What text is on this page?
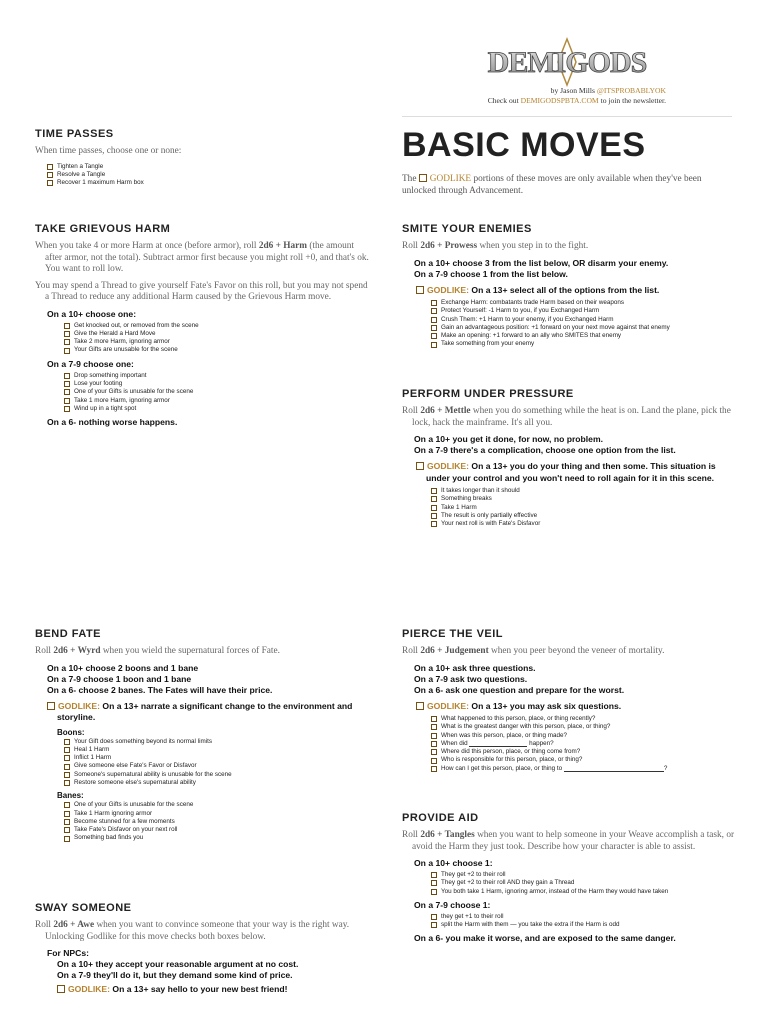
DEMIGODS
by Jason Mills @ITSPROBABLYOK
Check out DEMIGODSPBTA.COM to join the newsletter.
BASIC MOVES
The GODLIKE portions of these moves are only available when they've been unlocked through Advancement.
TIME PASSES
When time passes, choose one or none:
Tighten a Tangle
Resolve a Tangle
Recover 1 maximum Harm box
TAKE GRIEVOUS HARM
When you take 4 or more Harm at once (before armor), roll 2d6 + Harm (the amount after armor, not the total). Subtract armor first because you might roll +0, and that's ok. You want to roll low.
You may spend a Thread to give yourself Fate's Favor on this roll, but you may not spend a Thread to reduce any additional Harm caused by the Grievous Harm move.
On a 10+ choose one:
Get knocked out, or removed from the scene
Give the Herald a Hard Move
Take 2 more Harm, ignoring armor
Your Gifts are unusable for the scene
On a 7-9 choose one:
Drop something important
Lose your footing
One of your Gifts is unusable for the scene
Take 1 more Harm, ignoring armor
Wind up in a tight spot
On a 6- nothing worse happens.
SMITE YOUR ENEMIES
Roll 2d6 + Prowess when you step in to the fight.
On a 10+ choose 3 from the list below, OR disarm your enemy.
On a 7-9 choose 1 from the list below.
GODLIKE: On a 13+ select all of the options from the list.
Exchange Harm: combatants trade Harm based on their weapons
Protect Yourself: -1 Harm to you, if you Exchanged Harm
Crush Them: +1 Harm to your enemy, if you Exchanged Harm
Gain an advantageous position: +1 forward on your next move against that enemy
Make an opening: +1 forward to an ally who SMITES that enemy
Take something from your enemy
PERFORM UNDER PRESSURE
Roll 2d6 + Mettle when you do something while the heat is on. Land the plane, pick the lock, hack the mainframe. It's all you.
On a 10+ you get it done, for now, no problem.
On a 7-9 there's a complication, choose one option from the list.
GODLIKE: On a 13+ you do your thing and then some. This situation is under your control and you won't need to roll again for it in this scene.
It takes longer than it should
Something breaks
Take 1 Harm
The result is only partially effective
Your next roll is with Fate's Disfavor
BEND FATE
Roll 2d6 + Wyrd when you wield the supernatural forces of Fate.
On a 10+ choose 2 boons and 1 bane
On a 7-9 choose 1 boon and 1 bane
On a 6- choose 2 banes. The Fates will have their price.
GODLIKE: On a 13+ narrate a significant change to the environment and storyline.
Boons:
Your Gift does something beyond its normal limits
Heal 1 Harm
Inflict 1 Harm
Give someone else Fate's Favor or Disfavor
Someone's supernatural ability is unusable for the scene
Restore someone else's supernatural ability
Banes:
One of your Gifts is unusable for the scene
Take 1 Harm ignoring armor
Become stunned for a few moments
Take Fate's Disfavor on your next roll
Something bad finds you
SWAY SOMEONE
Roll 2d6 + Awe when you want to convince someone that your way is the right way. Unlocking Godlike for this move checks both boxes below.
For NPCs:
On a 10+ they accept your reasonable argument at no cost.
On a 7-9 they'll do it, but they demand some kind of price.
GODLIKE: On a 13+ say hello to your new best friend!
PIERCE THE VEIL
Roll 2d6 + Judgement when you peer beyond the veneer of mortality.
On a 10+ ask three questions.
On a 7-9 ask two questions.
On a 6- ask one question and prepare for the worst.
GODLIKE: On a 13+ you may ask six questions.
What happened to this person, place, or thing recently?
What is the greatest danger with this person, place, or thing?
When was this person, place, or thing made?
When did

	happen?
Where did this person, place, or thing come from?
Who is responsible for this person, place, or thing?
How can I get this person, place, or thing to
	?
PROVIDE AID
Roll 2d6 + Tangles when you want to help someone in your Weave accomplish a task, or avoid the Harm they just took. Describe how your character is able to assist.
On a 10+ choose 1:
They get +2 to their roll
They get +2 to their roll AND they gain a Thread
You both take 1 Harm, ignoring armor, instead of the Harm they would have taken
On a 7-9 choose 1:
they get +1 to their roll
split the Harm with them — you take the extra if the Harm is odd
On a 6- you make it worse, and are exposed to the same danger.
